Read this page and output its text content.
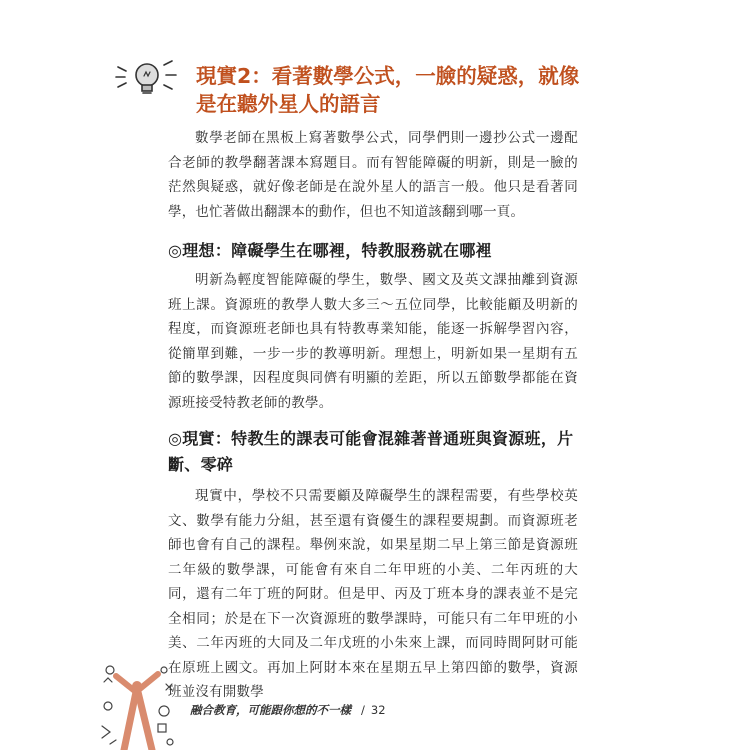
現實2：看著數學公式，一臉的疑惑，就像是在聽外星人的語言

數學老師在黑板上寫著數學公式，同學們則一邊抄公式一邊配合老師的教學翻著課本寫題目。而有智能障礙的明新，則是一臉的茫然與疑惑，就好像老師是在說外星人的語言一般。他只是看著同學，也忙著做出翻課本的動作，但也不知道該翻到哪一頁。

◎理想：障礙學生在哪裡，特教服務就在哪裡

明新為輕度智能障礙的學生，數學、國文及英文課抽離到資源班上課。資源班的教學人數大多三～五位同學，比較能顧及明新的程度，而資源班老師也具有特教專業知能，能逐一拆解學習內容，從簡單到難，一步一步的教導明新。理想上，明新如果一星期有五節的數學課，因程度與同儕有明顯的差距，所以五節數學都能在資源班接受特教老師的教學。

◎現實：特教生的課表可能會混雜著普通班與資源班，片斷、零碎

現實中，學校不只需要顧及障礙學生的課程需要，有些學校英文、數學有能力分組，甚至還有資優生的課程要規劃。而資源班老師也會有自己的課程。舉例來說，如果星期二早上第三節是資源班二年級的數學課，可能會有來自二年甲班的小美、二年丙班的大同，還有二年丁班的阿財。但是甲、丙及丁班本身的課表並不是完全相同；於是在下一次資源班的數學課時，可能只有二年甲班的小美、二年丙班的大同及二年戊班的小朱來上課，而同時間阿財可能在原班上國文。再加上阿財本來在星期五早上第四節的數學，資源班並沒有開數學

融合教育，可能跟你想的不一樣 / 32
